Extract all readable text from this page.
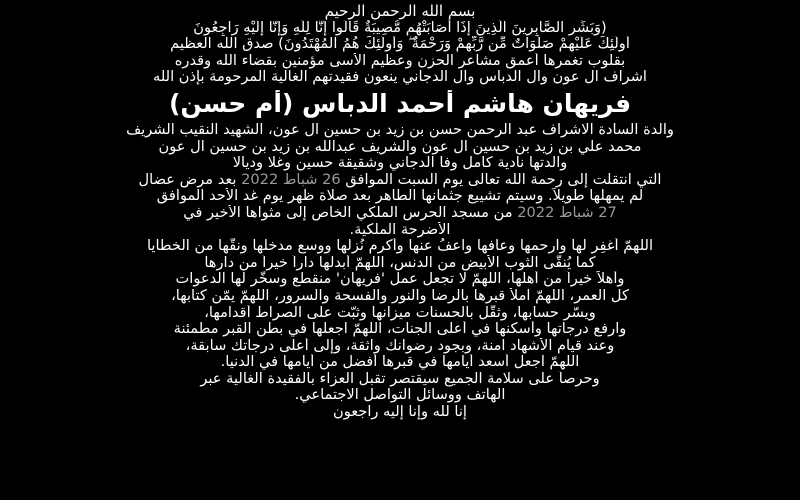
بسم الله الرحمن الرحيم

(وَبَشِّرِ الصَّابِرِينَ الَّذِينَ إِذَا أَصَابَتْهُم مُّصِيبَةٌ قَالُوا إِنَّا لِلَّهِ وَإِنَّا إِلَيْهِ رَاجِعُونَ

أُولَٰئِكَ عَلَيْهِمْ صَلَوَاتٌ مِّن رَّبِّهِمْ وَرَحْمَةٌ ۖ وَأُولَٰئِكَ هُمُ الْمُهْتَدُونَ) صدق الله العظيم

بقلوب تغمرها أعمق مشاعر الحزن وعظيم الأسى مؤمنين بقضاء الله وقدره

اشراف آل عون وآل الدباس وآل الدجاني ينعون فقيدتهم الغالية المرحومة بإذن الله

فريهان هاشم أحمد الدباس (أم حسن)

والدة السادة الاشراف عبد الرحمن حسن بن زيد بن حسين آل عون، الشهيد النقيب الشريف

محمد علي بن زيد بن حسين آل عون والشريف عبدالله بن زيد بن حسين آل عون

والدتها نادية كامل وفا الدجاني وشقيقة حسين وغلا وديالا

التي انتقلت إلى رحمة الله تعالى يوم السبت الموافق 26 شباط 2022 بعد مرض عضال

لم يمهلها طويلاً. وسيتم تشييع جثمانها الطاهر بعد صلاة ظهر يوم غد الأحد الموافق

27 شباط 2022 من مسجد الحرس الملكي الخاص إلى مثواها الأخير في

الأضرحة الملكية.

اللهمّ أغفِر لها وارحمها وعافها واعفُ عنها وأكرم نُزلها ووسع مدخلها ونقّها من الخطايا

كما يُنقّى الثوب الأبيض من الدنس، اللهمّ أبدلها داراً خيراً من دارها

وأهلاً خيراً من أهلها، اللهمّ لا تجعل عمل 'فريهان' منقطع وسخّر لها الدعوات

كل العمر، اللهمّ املأ قبرها بالرضا والنور والفسحة والسرور، اللهمّ يمّن كتابها،

ويسّر حسابها، وثقّل بالحسنات ميزانها وثبّت على الصراط أقدامها،

وارفع درجاتها وأسكنها في أعلى الجنات، اللهمّ اجعلها في بطن القبر مطمئنة

وعند قيام الأشهاد آمنة، وبجود رضوانك واثقة، وإلى أعلى درجاتك سابقة،

اللهمّ اجعل أسعد أيامها في قبرها أفضل من أيامها في الدنيا.

وحرصاً على سلامة الجميع سيقتصر تقبل العزاء بالفقيدة الغالية عبر

الهاتف ووسائل التواصل الاجتماعي.

إنا لله وإنا إليه راجعون
